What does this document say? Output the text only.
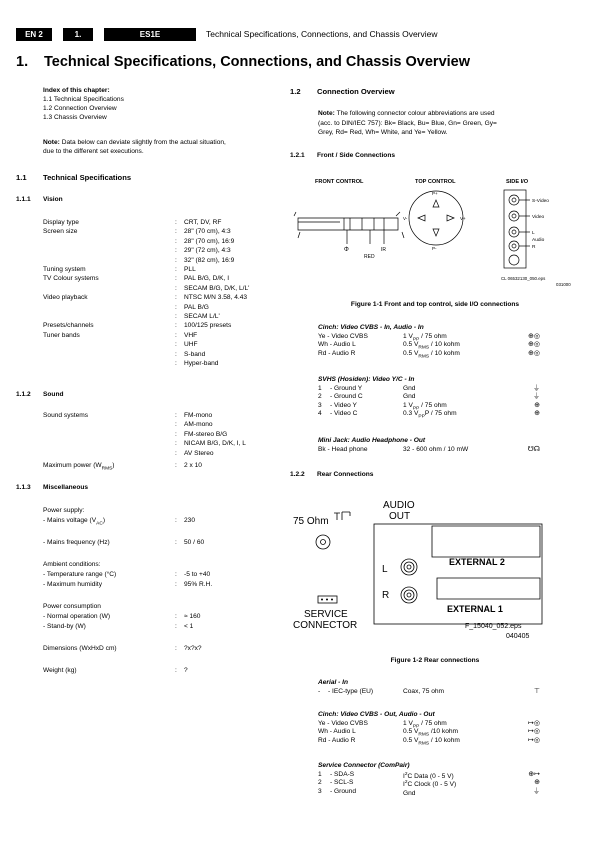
EN 2	1.	ES1E	Technical Specifications, Connections, and Chassis Overview
1. Technical Specifications, Connections, and Chassis Overview
Index of this chapter:
1.1 Technical Specifications
1.2 Connection Overview
1.3 Chassis Overview
Note: Data below can deviate slightly from the actual situation,
due to the different set executions.
1.1 Technical Specifications
1.1.1 Vision
Display type	: CRT, DV, RF
Screen size	: 28" (70 cm), 4:3
: 28" (70 cm), 16:9
: 29" (72 cm), 4:3
: 32" (82 cm), 16:9
Tuning system	: PLL
TV Colour systems	: PAL B/G, D/K, I
: SECAM B/G, D/K, L/L'
Video playback	: NTSC M/N 3.58, 4.43
: PAL B/G
: SECAM L/L'
Presets/channels	: 100/125 presets
Tuner bands	: VHF
: UHF
: S-band
: Hyper-band
1.1.2 Sound
Sound systems	: FM-mono
: AM-mono
: FM-stereo B/G
: NICAM B/G, D/K, I, L
: AV Stereo
Maximum power $(W_{RMS})$	: 2 x 10
1.1.3 Miscellaneous
Power supply:
- Mains voltage $(V_{AC})$	: 230
- Mains frequency (Hz)	: 50 / 60
Ambient conditions:
- Temperature range (°C)	: -5 to +40
- Maximum humidity	: 95% R.H.
Power consumption
- Normal operation (W)	: ≈ 160
- Stand-by (W)	: < 1
Dimensions (WxHxD cm)	: ?x?x?
Weight (kg)	: ?
1.2 Connection Overview
Note: The following connector colour abbreviations are used
(acc. to DIN/IEC 757): Bk= Black, Bu= Blue, Gn= Green, Gy=
Grey, Rd= Red, Wh= White, and Ye= Yellow.
1.2.1 Front / Side Connections
FRONT CONTROL	TOP CONTROL	SIDE I/O
Φ
RED
IR
P+
P-
V-	V+
S-Video
Video
L
Audio
R
CL 06532130_050.eps
031000
Figure 1-1 Front and top control, side I/O connections
Cinch: Video CVBS - In, Audio - In
Ye - Video CVBS	1 $V_{PP} / 75$ ohm	⊕◎
Wh - Audio L	0.5 $V_{RMS} / 10$ kohm	⊕◎
Rd - Audio R	0.5 $V_{RMS} / 10$ kohm	⊕◎
SVHS (Hosiden): Video Y/C - In
1 - Ground Y	Gnd	⏚
2 - Ground C	Gnd	⏚
3 - Video Y	1 $V_{PP} / 75$ ohm	⊕
4 - Video C	0.3 $V_{PP}P / 75$ ohm	⊕
Mini Jack: Audio Headphone - Out
Bk - Head phone	32 - 600 ohm / 10 mW	☋☊
1.2.2 Rear Connections
AUDIO
OUT
75 Ohm
EXTERNAL 2
EXTERNAL 1
L
R
SERVICE
CONNECTOR	F_15040_052.eps
040405
Figure 1-2 Rear connections
Aerial - In
- - IEC-type (EU)	Coax, 75 ohm	⊤
Cinch: Video CVBS - Out, Audio - Out
Ye - Video CVBS	1 $V_{PP} / 75$ ohm	↦◎
Wh - Audio L	0.5 $V_{RMS}$ /10 kohm	↦◎
Rd - Audio R	0.5 $V_{RMS} / 10$ kohm	↦◎
Service Connector (ComPair)
1 - SDA-S	$I^2C$ Data (0 - 5 V)	⊕↦
2 - SCL-S	$I^2C$ Clock (0 - 5 V)	⊕
3 - Ground	Gnd	⏚
